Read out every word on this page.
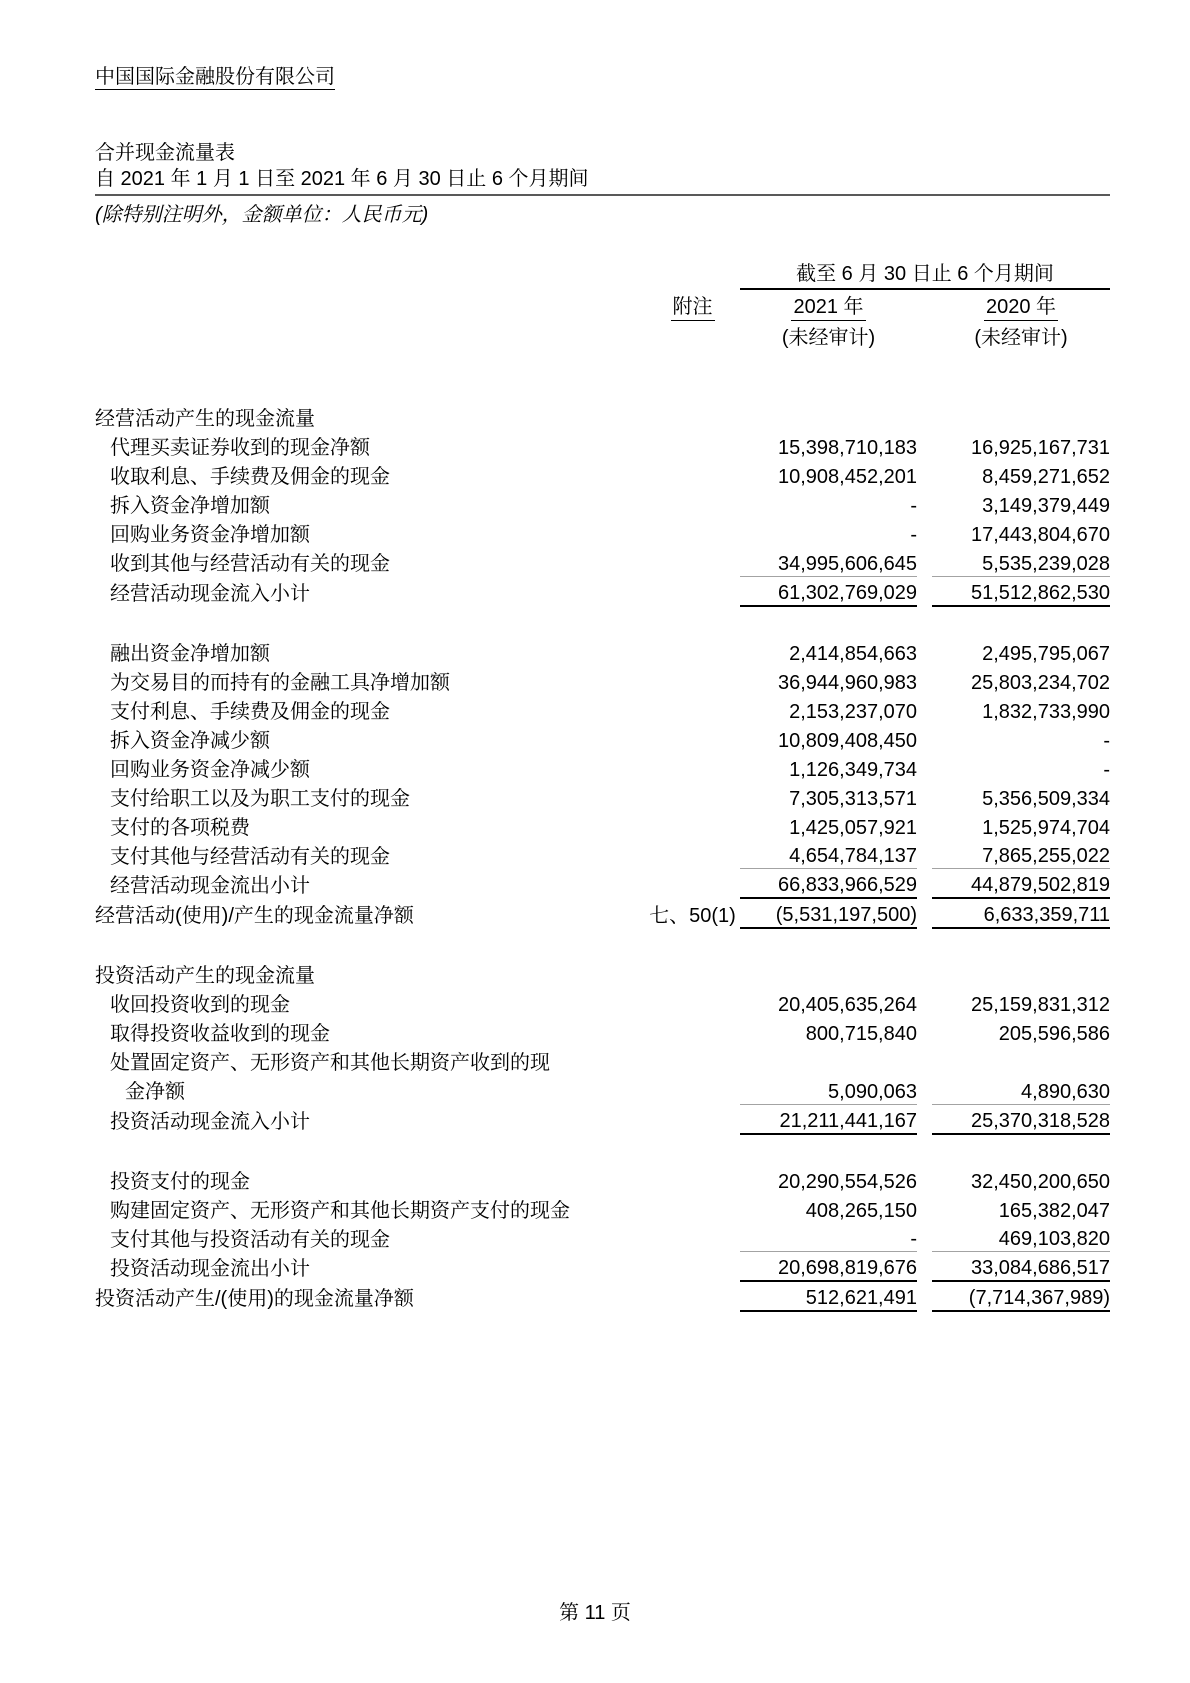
中国国际金融股份有限公司
合并现金流量表
自 2021 年 1 月 1 日至 2021 年 6 月 30 日止 6 个月期间
(除特别注明外，金额单位：人民币元)
		截至 6 月 30 日止 6 个月期间		
	附注	2021 年		2020 年
		(未经审计)		(未经审计)

经营活动产生的现金流量				
代理买卖证券收到的现金净额		15,398,710,183		16,925,167,731
收取利息、手续费及佣金的现金		10,908,452,201		8,459,271,652
拆入资金净增加额		-		3,149,379,449
回购业务资金净增加额		-		17,443,804,670
收到其他与经营活动有关的现金		34,995,606,645		5,535,239,028
经营活动现金流入小计		61,302,769,029		51,512,862,530

融出资金净增加额		2,414,854,663		2,495,795,067
为交易目的而持有的金融工具净增加额		36,944,960,983		25,803,234,702
支付利息、手续费及佣金的现金		2,153,237,070		1,832,733,990
拆入资金净减少额		10,809,408,450		-
回购业务资金净减少额		1,126,349,734		-
支付给职工以及为职工支付的现金		7,305,313,571		5,356,509,334
支付的各项税费		1,425,057,921		1,525,974,704
支付其他与经营活动有关的现金		4,654,784,137		7,865,255,022
经营活动现金流出小计		66,833,966,529		44,879,502,819
经营活动(使用)/产生的现金流量净额	七、50(1)	(5,531,197,500)		6,633,359,711

投资活动产生的现金流量				
收回投资收到的现金		20,405,635,264		25,159,831,312
取得投资收益收到的现金		800,715,840		205,596,586
处置固定资产、无形资产和其他长期资产收到的现				
金净额		5,090,063		4,890,630
投资活动现金流入小计		21,211,441,167		25,370,318,528

投资支付的现金		20,290,554,526		32,450,200,650
购建固定资产、无形资产和其他长期资产支付的现金		408,265,150		165,382,047
支付其他与投资活动有关的现金		-		469,103,820
投资活动现金流出小计		20,698,819,676		33,084,686,517
投资活动产生/(使用)的现金流量净额		512,621,491		(7,714,367,989)
第 11 页
